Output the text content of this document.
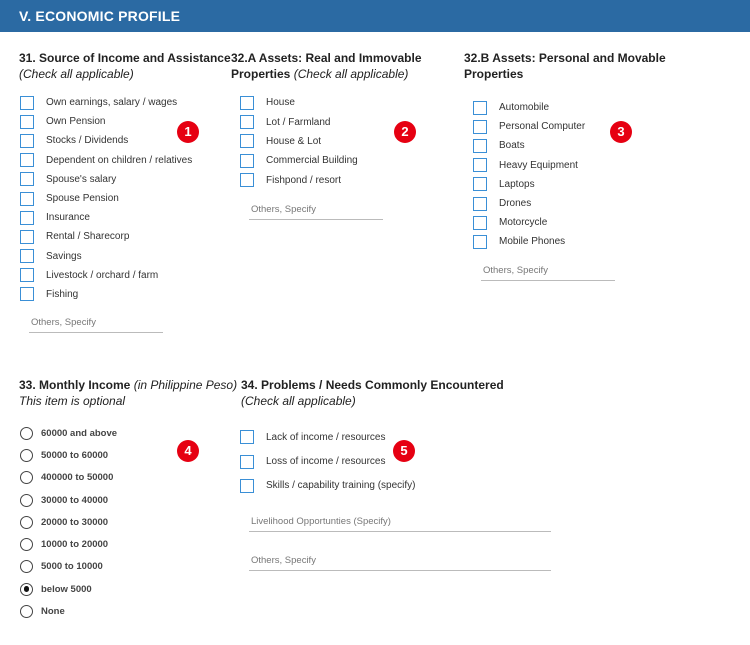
V. ECONOMIC PROFILE
31. Source of Income and Assistance
(Check all applicable)
Own earnings, salary / wages
Own Pension
Stocks / Dividends
Dependent on children / relatives
Spouse's salary
Spouse Pension
Insurance
Rental / Sharecorp
Savings
Livestock / orchard / farm
Fishing
Others, Specify
1
32.A Assets: Real and Immovable
Properties (Check all applicable)
House
Lot / Farmland
House & Lot
Commercial Building
Fishpond / resort
Others, Specify
2
32.B Assets: Personal and Movable
Properties
Automobile
Personal Computer
Boats
Heavy Equipment
Laptops
Drones
Motorcycle
Mobile Phones
Others, Specify
3
33. Monthly Income (in Philippine Peso)
This item is optional
60000 and above
50000 to 60000
400000 to 50000
30000 to 40000
20000 to 30000
10000 to 20000
5000 to 10000
below 5000
None
4
34. Problems / Needs Commonly Encountered
(Check all applicable)
Lack of income / resources
Loss of income / resources
Skills / capability training (specify)
Livelihood Opportunties (Specify)
Others, Specify
5
